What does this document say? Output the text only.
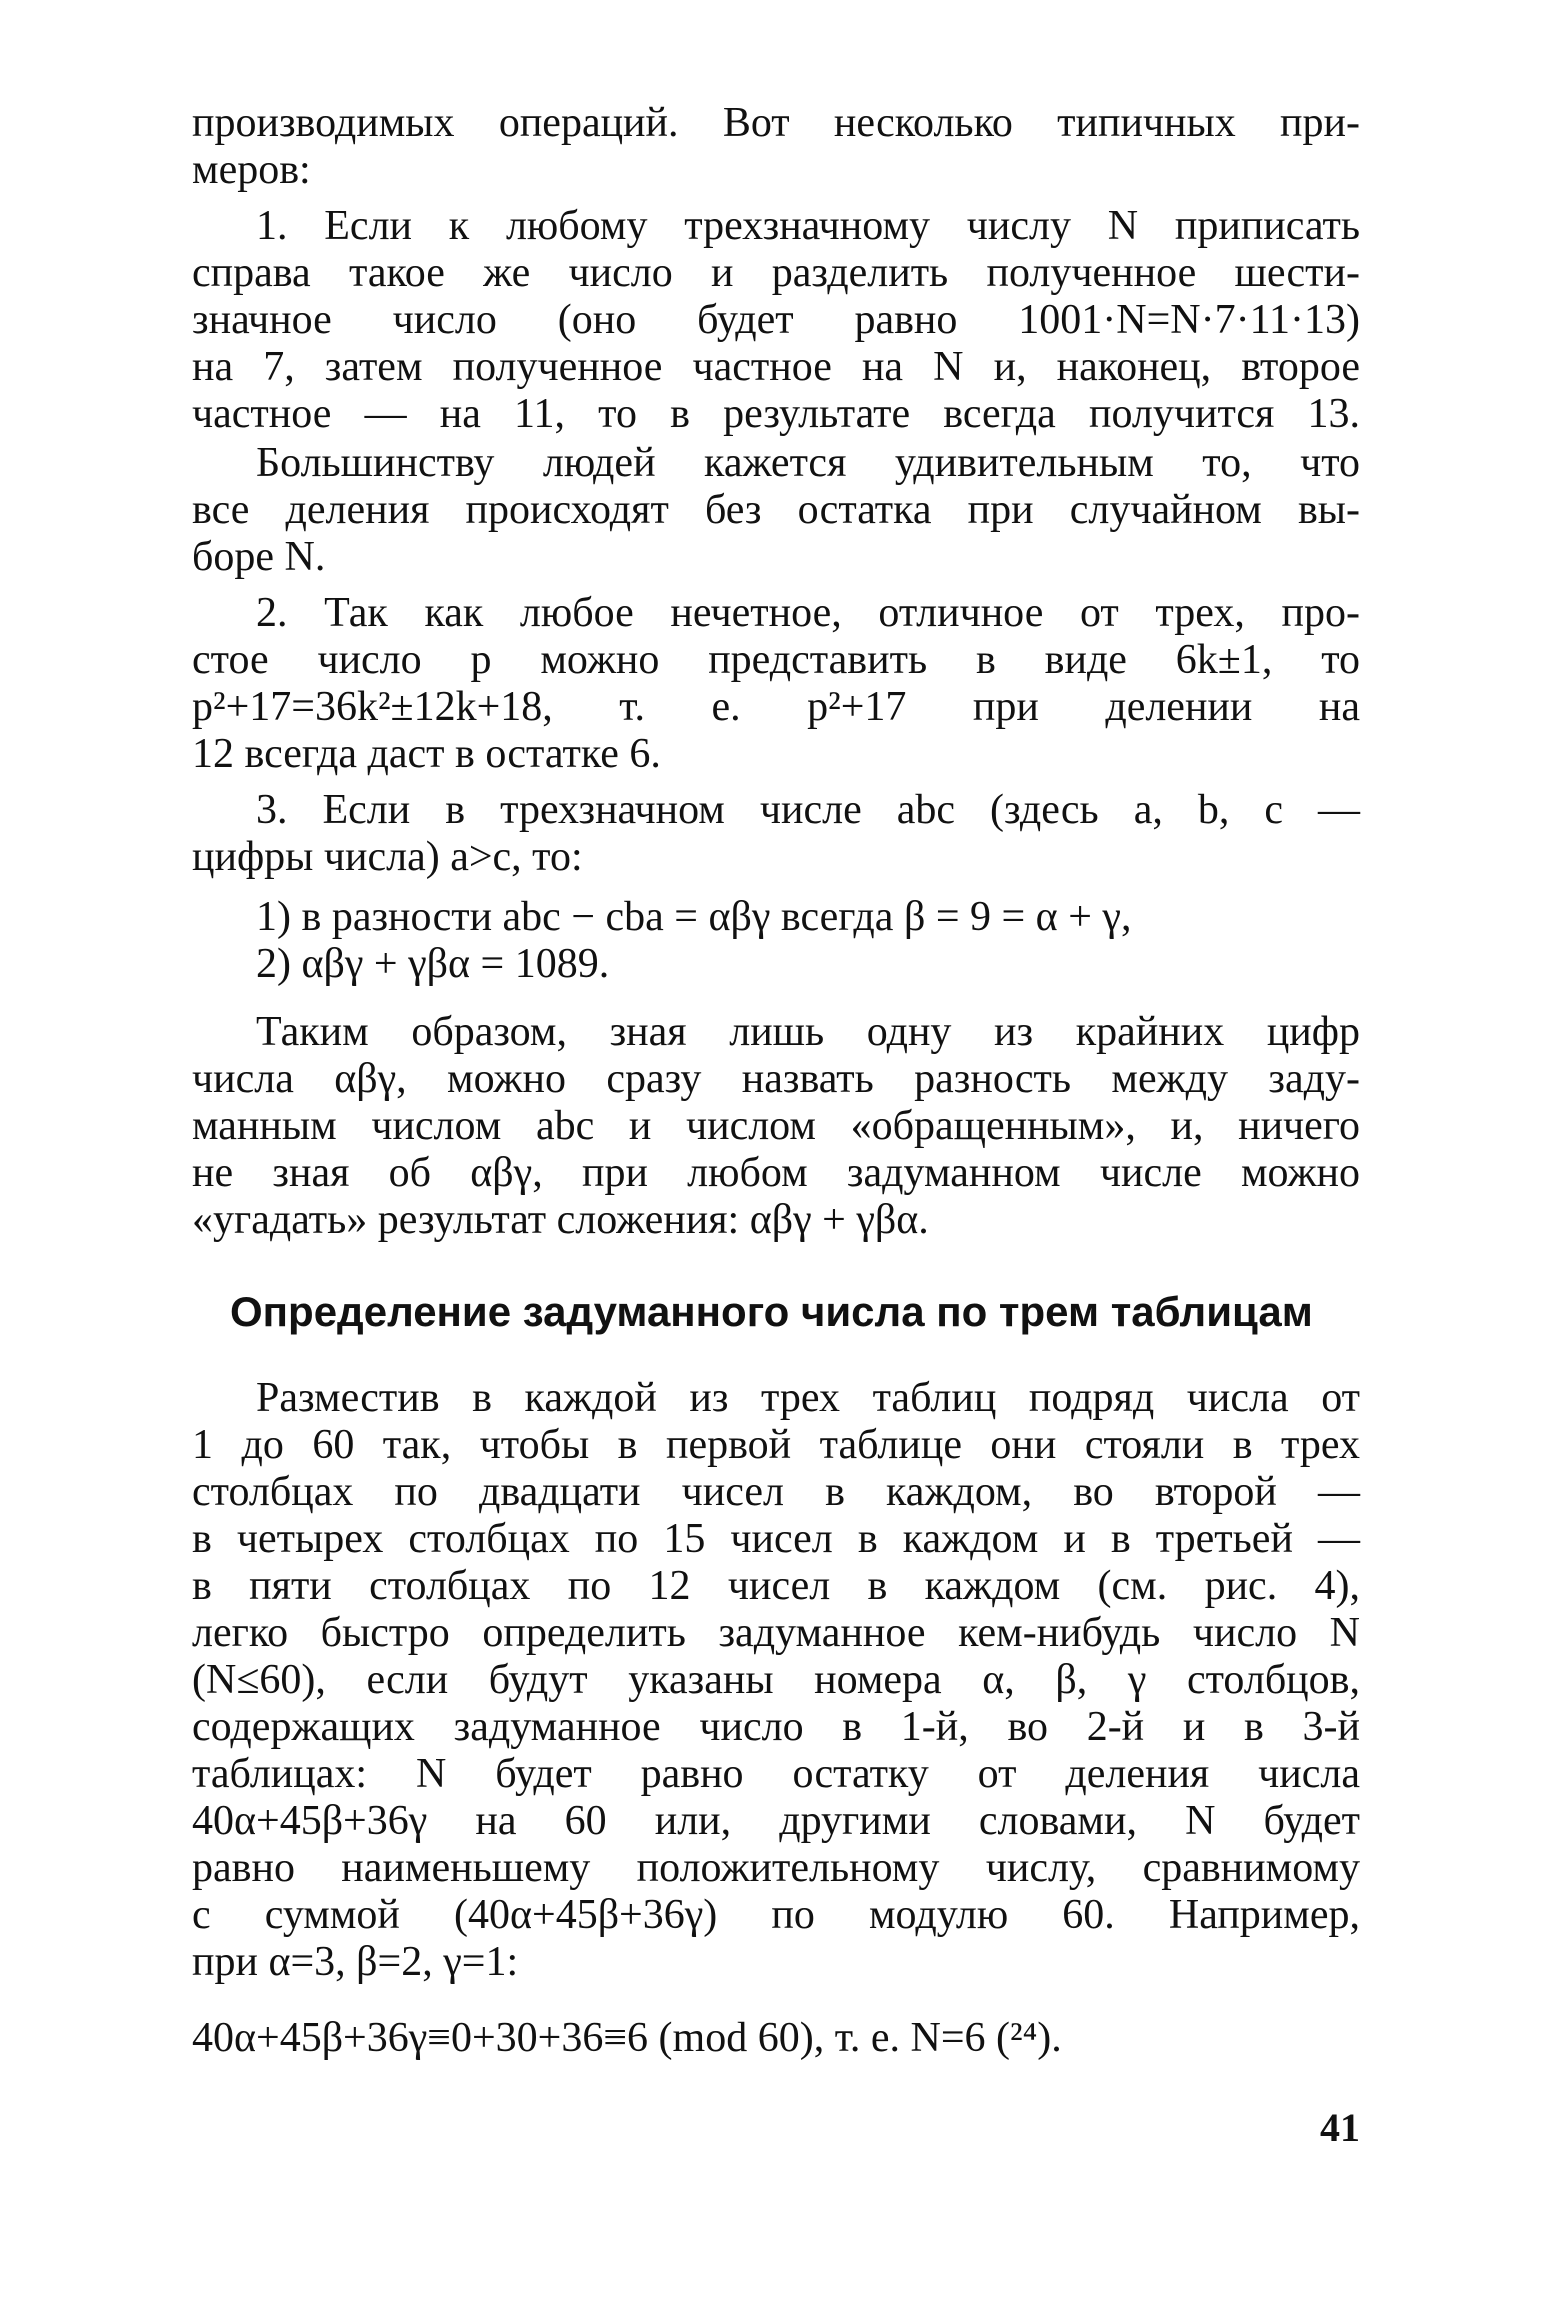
производимых операций. Вот несколько типичных при-
меров:
1. Если к любому трехзначному числу N приписать
справа такое же число и разделить полученное шести-
значное число (оно будет равно 1001·N=N·7·11·13)
на 7, затем полученное частное на N и, наконец, второе
частное — на 11, то в результате всегда получится 13.
Большинству людей кажется удивительным то, что
все деления происходят без остатка при случайном вы-
боре N.
2. Так как любое нечетное, отличное от трех, про-
стое число p можно представить в виде 6k±1, то
p²+17=36k²±12k+18, т. е. p²+17 при делении на
12 всегда даст в остатке 6.
3. Если в трехзначном числе abc (здесь a, b, c —
цифры числа) a>c, то:
1) в разности abc − cba = αβγ всегда β = 9 = α + γ,
2) αβγ + γβα = 1089.
Таким образом, зная лишь одну из крайних цифр
числа αβγ, можно сразу назвать разность между заду-
манным числом abc и числом «обращенным», и, ничего
не зная об αβγ, при любом задуманном числе можно
«угадать» результат сложения: αβγ + γβα.
Определение задуманного числа по трем таблицам
Разместив в каждой из трех таблиц подряд числа от
1 до 60 так, чтобы в первой таблице они стояли в трех
столбцах по двадцати чисел в каждом, во второй —
в четырех столбцах по 15 чисел в каждом и в третьей —
в пяти столбцах по 12 чисел в каждом (см. рис. 4),
легко быстро определить задуманное кем-нибудь число N
(N≤60), если будут указаны номера α, β, γ столбцов,
содержащих задуманное число в 1-й, во 2-й и в 3-й
таблицах: N будет равно остатку от деления числа
40α+45β+36γ на 60 или, другими словами, N будет
равно наименьшему положительному числу, сравнимому
с суммой (40α+45β+36γ) по модулю 60. Например,
при α=3, β=2, γ=1:
40α+45β+36γ≡0+30+36≡6 (mod 60), т. е. N=6 (²⁴).
41
